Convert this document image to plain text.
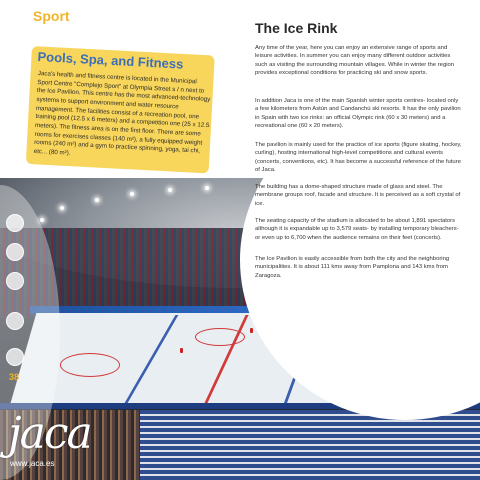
Sport
Pools, Spa, and Fitness
Jaca's health and fitness centre is located in the Municipal Sport Centre "Complejo Sport" at Olympia Street s / n next to the Ice Pavilion. This centre has the most advanced-technology systems to support environment and water resource management. The facilities consist of a recreation pool, one training pool (12.5 x 6 meters) and a competition one (25 x 12.5 meters). The fitness area is on the first floor. There are some rooms for exercises classes (140 m²), a fully equipped weight rooms (240 m²) and a gym to practice spinning, yoga, tai chi, etc... (80 m²).
38
jaca
www.jaca.es
The Ice Rink
Any time of the year, here you can enjoy an extensive range of sports and leisure activities. In summer you can enjoy many different outdoor activities such as visiting the surrounding mountain villages. While in winter the region provides exceptional conditions for practicing ski and snow sports.
In addition Jaca is one of the main Spanish winter sports centres- located only a few kilometers from Astún and Candanchú ski resorts. It has the only pavilion in Spain with two ice rinks: an official Olympic rink (60 x 30 meters) and a recreational one (60 x 20 meters).
The pavilion is mainly used for the practice of ice sports (figure skating, hockey, curling), hosting international high-level competitions and cultural events (concerts, conventions, etc). It has become a successful reference of the future of Jaca.
The building has a dome-shaped structure made of glass and steel. The membrane groups roof, facade and structure. It is perceived as a soft crystal of ice.
The seating capacity of the stadium is allocated to be about 1,891 spectators although it is expandable up to 3,579 seats- by installing temporary bleachers- or even up to 6,700 when the audience remains on their feet (concerts).
The Ice Pavilion is easily accessible from both the city and the neighboring municipalities. It is about 111 kms away from Pamplona and 143 kms from Zaragoza.
